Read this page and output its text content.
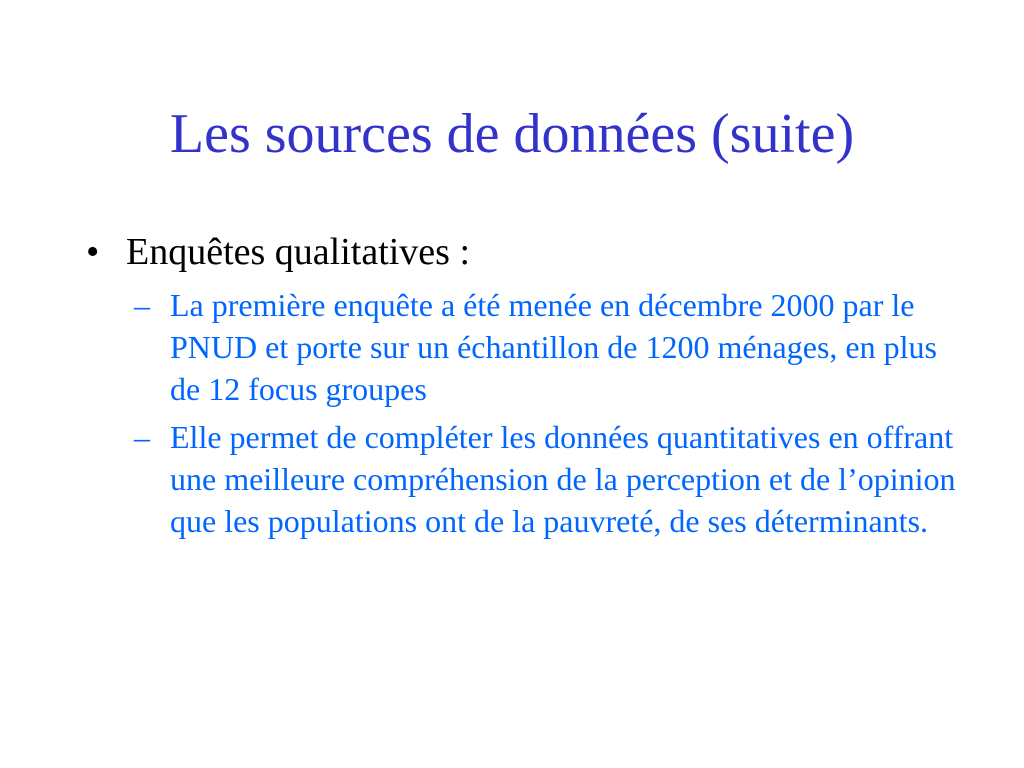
Les sources de données (suite)
• Enquêtes qualitatives :
– La première enquête a été menée en décembre 2000 par le PNUD et porte sur un échantillon de 1200 ménages, en plus de 12 focus groupes
– Elle permet de compléter les données quantitatives en offrant une meilleure compréhension de la perception et de l’opinion que les populations ont de la pauvreté, de ses déterminants.
